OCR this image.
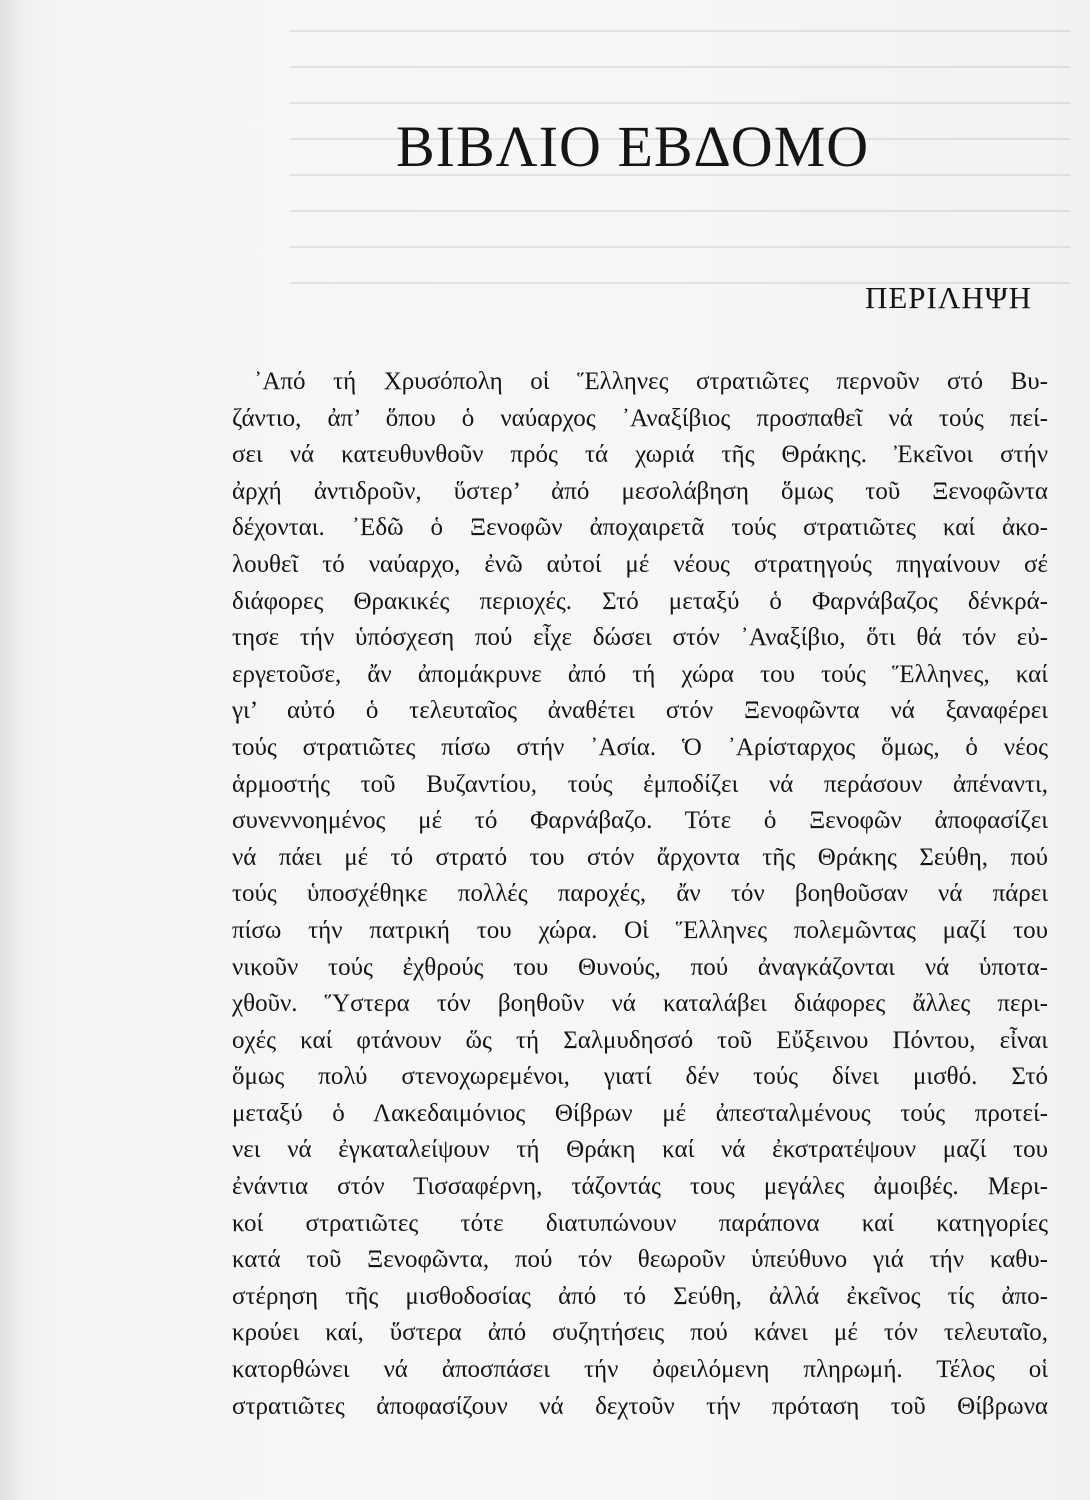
ΒΙΒΛΙΟ ΕΒΔΟΜΟ
ΠΕΡΙΛΗΨΗ
᾿Από τή Χρυσόπολη οἱ Ἕλληνες στρατιῶτες περνοῦν στό Βυ-
ζάντιο, ἀπ’ ὅπου ὁ ναύαρχος ᾿Αναξίβιος προσπαθεῖ νά τούς πεί-
σει νά κατευθυνθοῦν πρός τά χωριά τῆς Θράκης. Ἐκεῖνοι στήν
ἀρχή ἀντιδροῦν, ὕστερ’ ἀπό μεσολάβηση ὅμως τοῦ Ξενοφῶντα
δέχονται. ᾿Εδῶ ὁ Ξενοφῶν ἀποχαιρετᾶ τούς στρατιῶτες καί ἀκο-
λουθεῖ τό ναύαρχο, ἐνῶ αὐτοί μέ νέους στρατηγούς πηγαίνουν σέ
διάφορες Θρακικές περιοχές. Στό μεταξύ ὁ Φαρνάβαζος δένκρά-
τησε τήν ὑπόσχεση πού εἶχε δώσει στόν ᾿Αναξίβιο, ὅτι θά τόν εὐ-
εργετοῦσε, ἄν ἀπομάκρυνε ἀπό τή χώρα του τούς Ἕλληνες, καί
γι’ αὐτό ὁ τελευταῖος ἀναθέτει στόν Ξενοφῶντα νά ξαναφέρει
τούς στρατιῶτες πίσω στήν ᾿Ασία. Ὁ ᾿Αρίσταρχος ὅμως, ὁ νέος
ἁρμοστής τοῦ Βυζαντίου, τούς ἐμποδίζει νά περάσουν ἀπέναντι,
συνεννοημένος μέ τό Φαρνάβαζο. Τότε ὁ Ξενοφῶν ἀποφασίζει
νά πάει μέ τό στρατό του στόν ἄρχοντα τῆς Θράκης Σεύθη, πού
τούς ὑποσχέθηκε πολλές παροχές, ἄν τόν βοηθοῦσαν νά πάρει
πίσω τήν πατρική του χώρα. Οἱ Ἕλληνες πολεμῶντας μαζί του
νικοῦν τούς ἐχθρούς του Θυνούς, πού ἀναγκάζονται νά ὑποτα-
χθοῦν. Ὕστερα τόν βοηθοῦν νά καταλάβει διάφορες ἄλλες περι-
οχές καί φτάνουν ὥς τή Σαλμυδησσό τοῦ Εὔξεινου Πόντου, εἶναι
ὅμως πολύ στενοχωρεμένοι, γιατί δέν τούς δίνει μισθό. Στό
μεταξύ ὁ Λακεδαιμόνιος Θίβρων μέ ἀπεσταλμένους τούς προτεί-
νει νά ἐγκαταλείψουν τή Θράκη καί νά ἐκστρατέψουν μαζί του
ἐνάντια στόν Τισσαφέρνη, τάζοντάς τους μεγάλες ἀμοιβές. Μερι-
κοί στρατιῶτες τότε διατυπώνουν παράπονα καί κατηγορίες
κατά τοῦ Ξενοφῶντα, πού τόν θεωροῦν ὑπεύθυνο γιά τήν καθυ-
στέρηση τῆς μισθοδοσίας ἀπό τό Σεύθη, ἀλλά ἐκεῖνος τίς ἀπο-
κρούει καί, ὕστερα ἀπό συζητήσεις πού κάνει μέ τόν τελευταῖο,
κατορθώνει νά ἀποσπάσει τήν ὀφειλόμενη πληρωμή. Τέλος οἱ
στρατιῶτες ἀποφασίζουν νά δεχτοῦν τήν πρόταση τοῦ Θίβρωνα
